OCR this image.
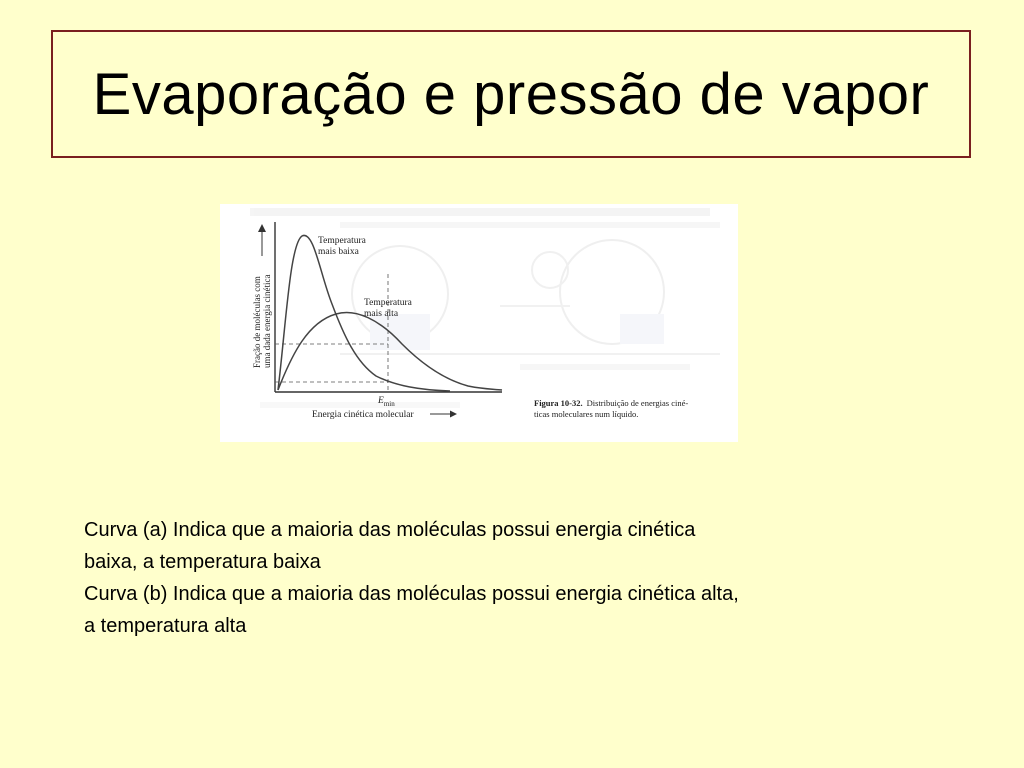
Evaporação e pressão de vapor
Fração de moléculas com uma dada energia cinética
Temperatura
mais baixa
Temperatura
mais alta
$E_{min}$
Energia cinética molecular
Figura 10-32. Distribuição de energias ciné-
ticas moleculares num líquido.

Curva (a) Indica que a maioria das moléculas possui energia cinética

baixa, a temperatura baixa

Curva (b) Indica que a maioria das moléculas possui energia cinética alta,

a temperatura alta
